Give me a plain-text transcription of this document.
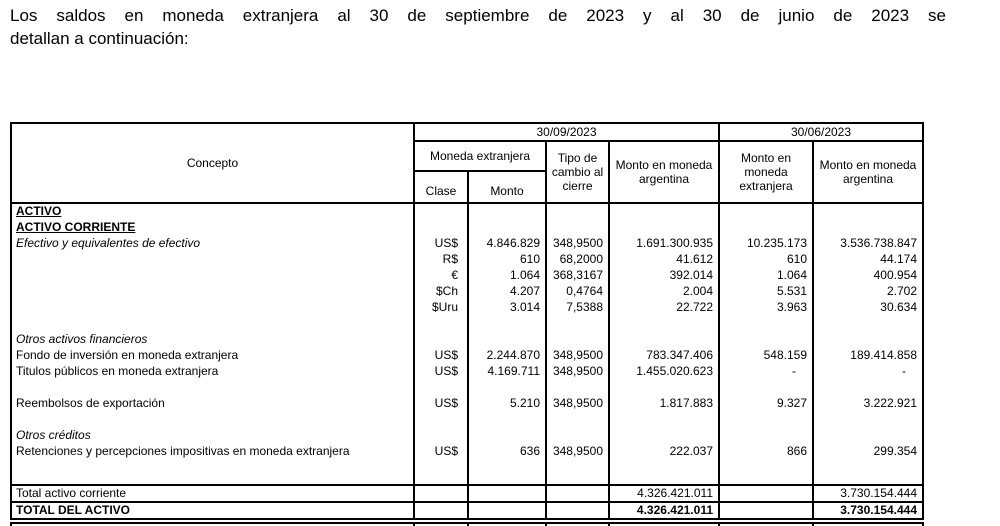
Los saldos en moneda extranjera al 30 de septiembre de 2023 y al 30 de junio de 2023 se
detallan a continuación:
Concepto	30/09/2023				30/06/2023	
	Moneda extranjera		Tipo de cambio al cierre	Monto en moneda argentina	Monto en moneda extranjera	Monto en moneda argentina
	Clase	Monto				
ACTIVO						
ACTIVO CORRIENTE						
Efectivo y equivalentes de efectivo	US$	4.846.829	348,9500	1.691.300.935	10.235.173	3.536.738.847
	R$	610	68,2000	41.612	610	44.174
	€	1.064	368,3167	392.014	1.064	400.954
	$Ch	4.207	0,4764	2.004	5.531	2.702
	$Uru	3.014	7,5388	22.722	3.963	30.634

Otros activos financieros						
Fondo de inversión en moneda extranjera	US$	2.244.870	348,9500	783.347.406	548.159	189.414.858
Titulos públicos en moneda extranjera	US$	4.169.711	348,9500	1.455.020.623	-	-

Reembolsos de exportación	US$	5.210	348,9500	1.817.883	9.327	3.222.921

Otros créditos						
Retenciones y percepciones impositivas en moneda extranjera	US$	636	348,9500	222.037	866	299.354

Total activo corriente				4.326.421.011		3.730.154.444
TOTAL DEL ACTIVO				4.326.421.011		3.730.154.444
